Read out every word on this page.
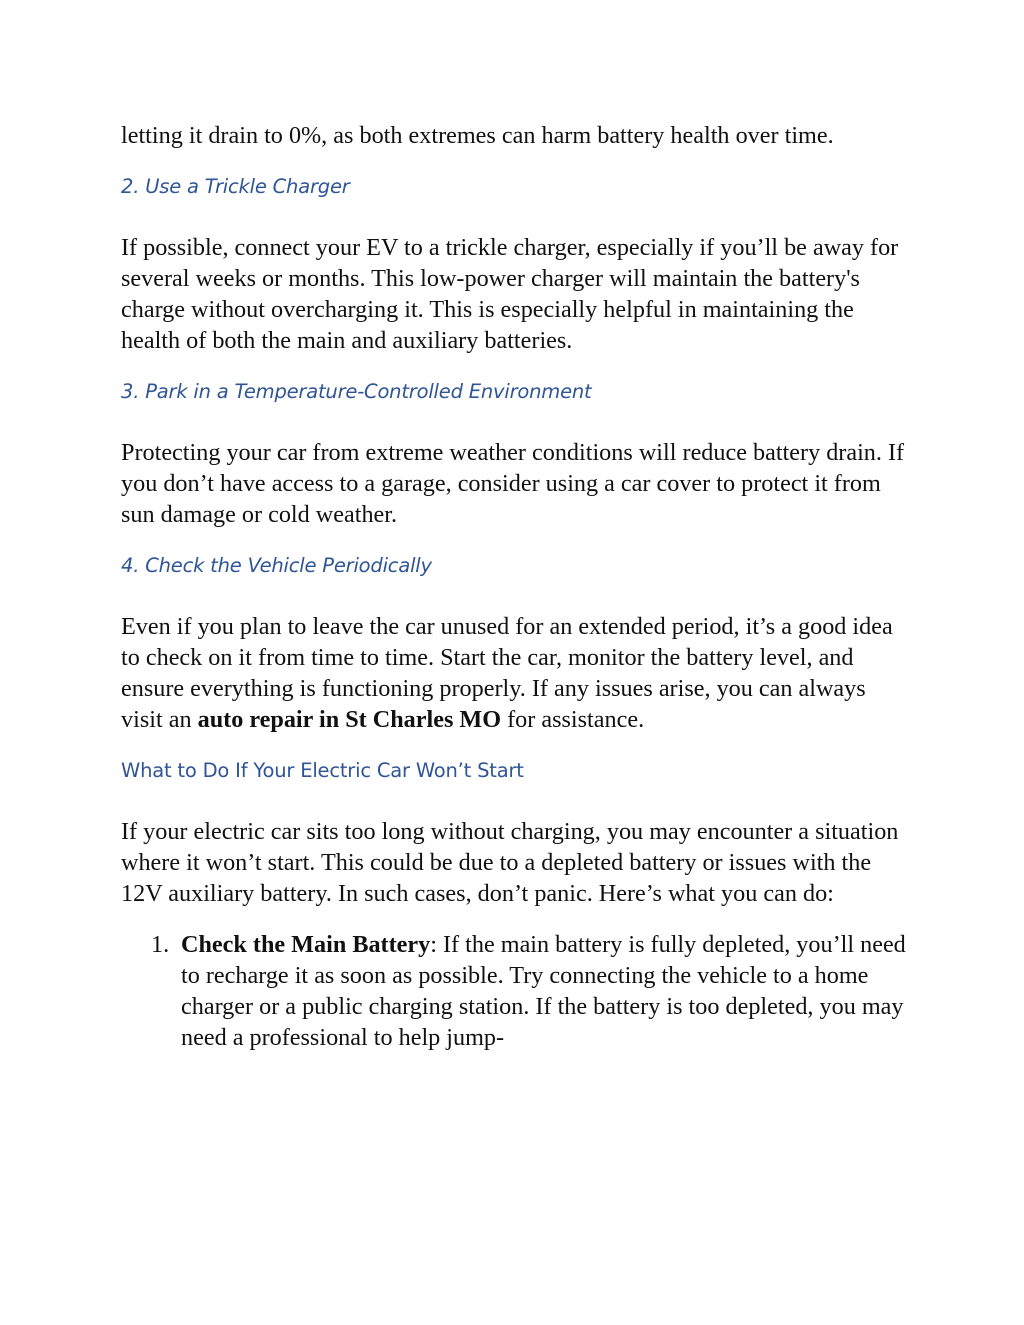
letting it drain to 0%, as both extremes can harm battery health over time.

2. Use a Trickle Charger

If possible, connect your EV to a trickle charger, especially if you’ll be away for several weeks or months. This low-power charger will maintain the battery's charge without overcharging it. This is especially helpful in maintaining the health of both the main and auxiliary batteries.

3. Park in a Temperature-Controlled Environment

Protecting your car from extreme weather conditions will reduce battery drain. If you don’t have access to a garage, consider using a car cover to protect it from sun damage or cold weather.

4. Check the Vehicle Periodically

Even if you plan to leave the car unused for an extended period, it’s a good idea to check on it from time to time. Start the car, monitor the battery level, and ensure everything is functioning properly. If any issues arise, you can always visit an auto repair in St Charles MO for assistance.

What to Do If Your Electric Car Won’t Start

If your electric car sits too long without charging, you may encounter a situation where it won’t start. This could be due to a depleted battery or issues with the 12V auxiliary battery. In such cases, don’t panic. Here’s what you can do:

1. Check the Main Battery: If the main battery is fully depleted, you’ll need to recharge it as soon as possible. Try connecting the vehicle to a home charger or a public charging station. If the battery is too depleted, you may need a professional to help jump-
